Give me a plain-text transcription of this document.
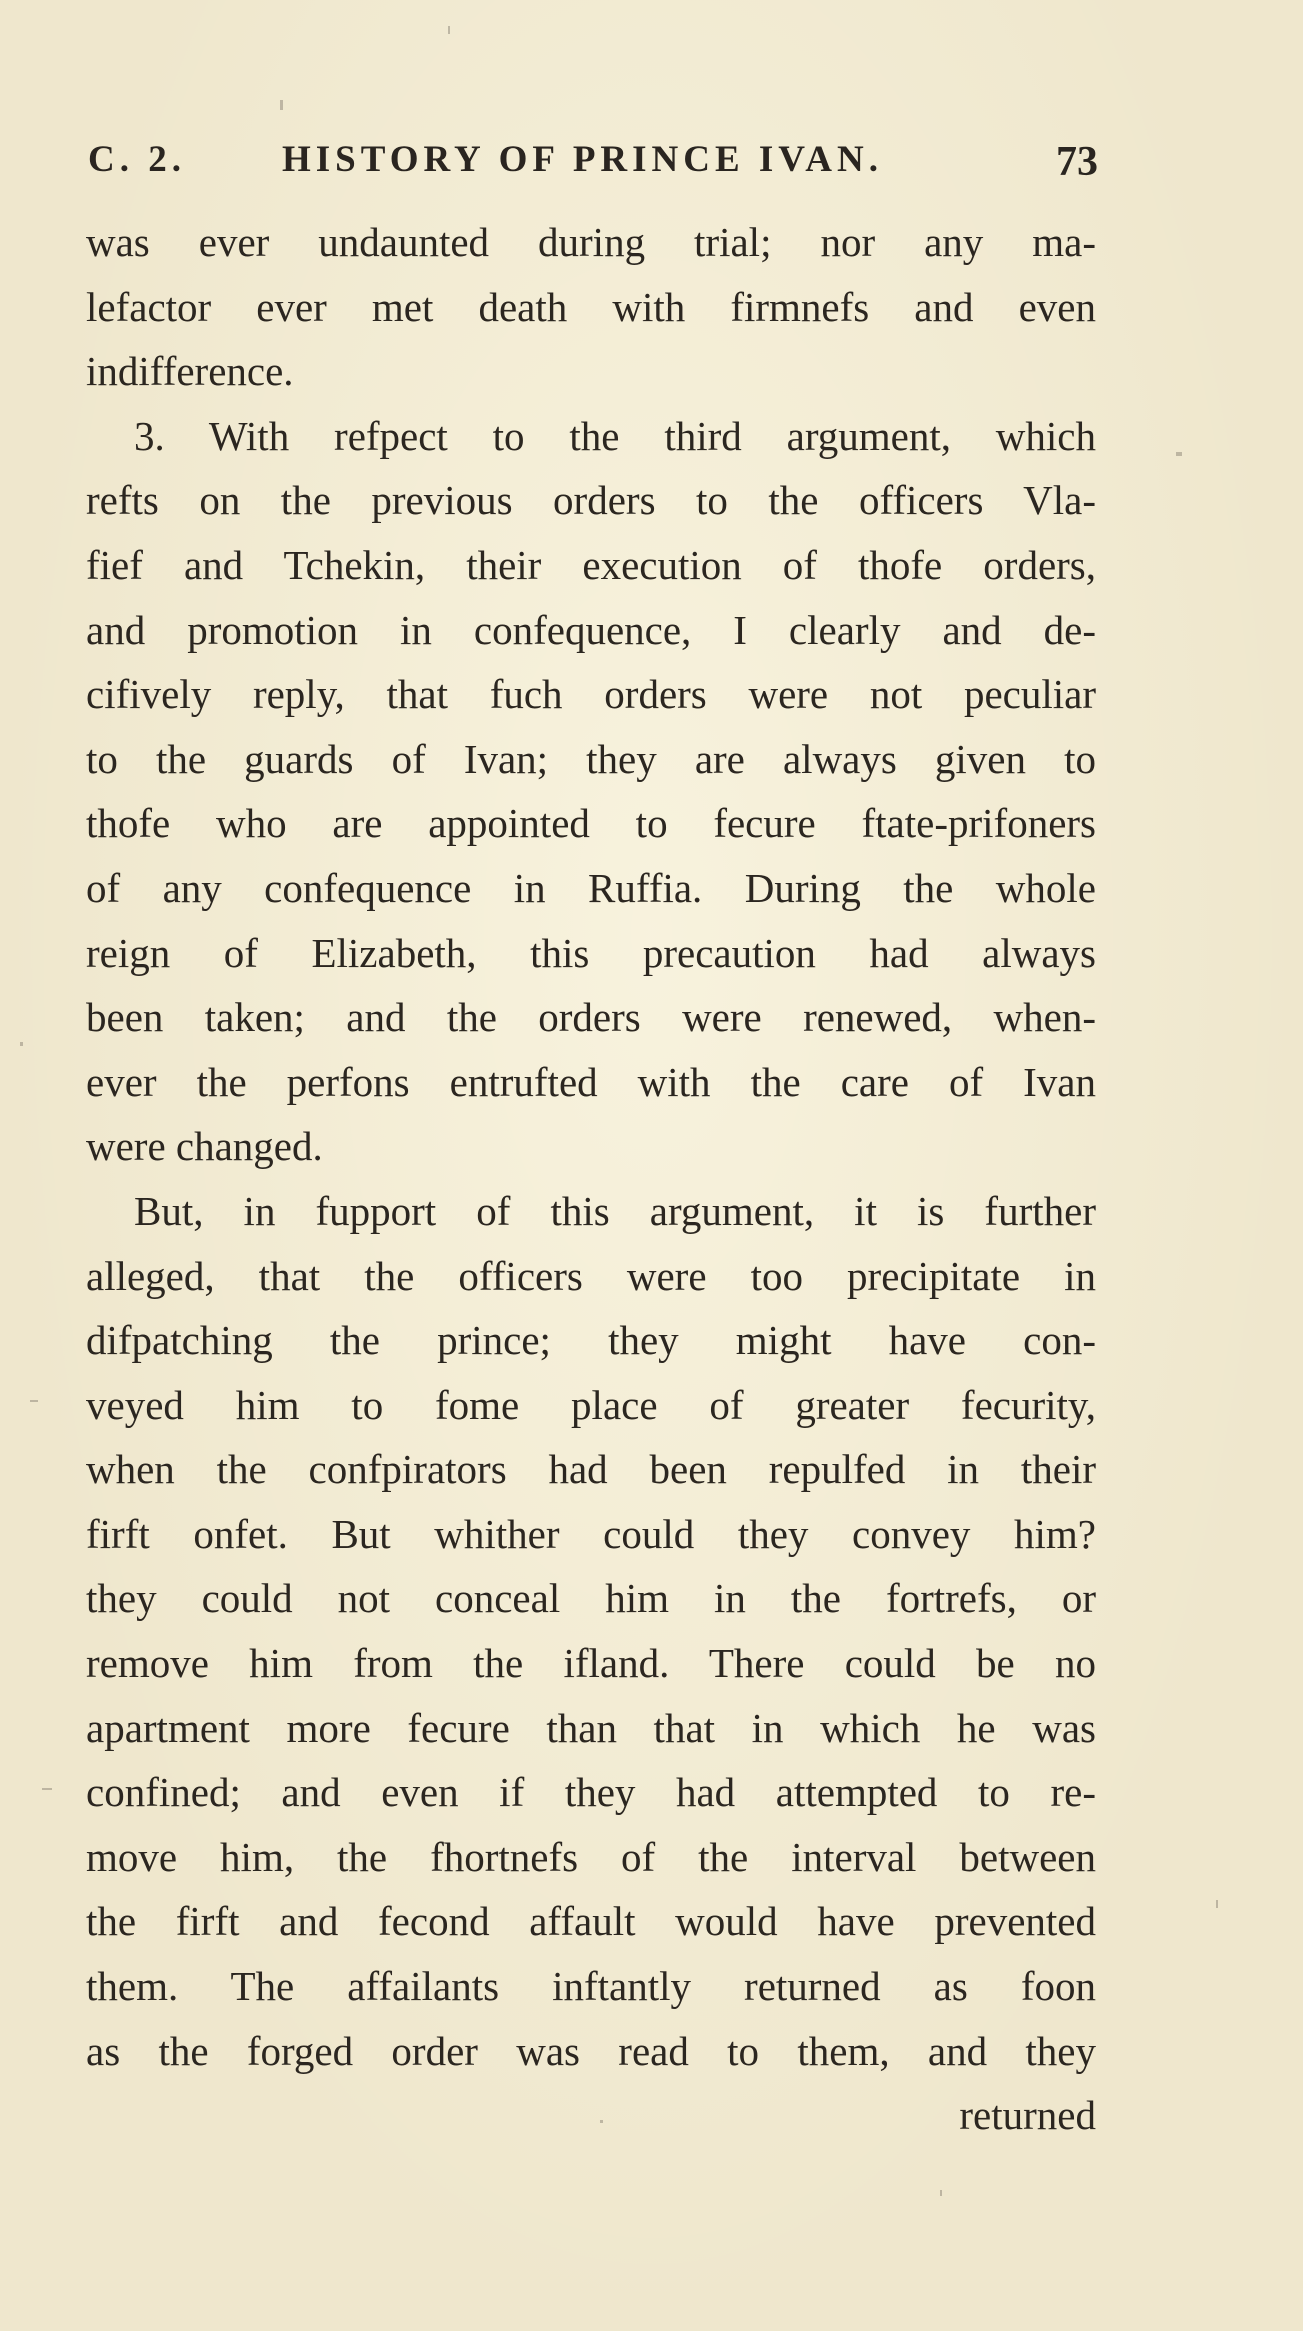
C. 2.	HISTORY OF PRINCE IVAN.	73
was ever undaunted during trial; nor any ma-
lefactor ever met death with firmnefs and even
indifference.
3. With refpect to the third argument, which
refts on the previous orders to the officers Vla-
fief and Tchekin, their execution of thofe orders,
and promotion in confequence, I clearly and de-
cifively reply, that fuch orders were not peculiar
to the guards of Ivan; they are always given to
thofe who are appointed to fecure ftate-prifoners
of any confequence in Ruffia. During the whole
reign of Elizabeth, this precaution had always
been taken; and the orders were renewed, when-
ever the perfons entrufted with the care of Ivan
were changed.
But, in fupport of this argument, it is further
alleged, that the officers were too precipitate in
difpatching the prince; they might have con-
veyed him to fome place of greater fecurity,
when the confpirators had been repulfed in their
firft onfet. But whither could they convey him?
they could not conceal him in the fortrefs, or
remove him from the ifland. There could be no
apartment more fecure than that in which he was
confined; and even if they had attempted to re-
move him, the fhortnefs of the interval between
the firft and fecond affault would have prevented
them. The affailants inftantly returned as foon
as the forged order was read to them, and they
returned
